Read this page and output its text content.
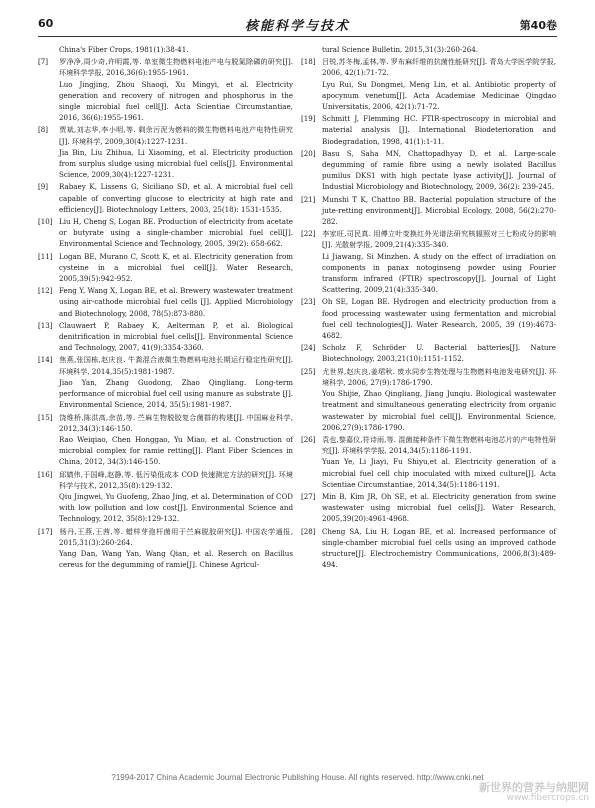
60	核能科学与技术	第40卷

China's Fiber Crops, 1981(1):38-41.

[7] 罗净净,周少奇,许明霞,等. 单室微生物燃料电池产电与脱氮除磷的研究[J]. 环境科学学报, 2016,36(6):1955-1961.
Luo Jingjing, Zhou Shaoqi, Xu Mingyi, et al. Electricity generation and recovery of nitrogen and phosphorus in the single microbial fuel cell[J]. Acta Scientiae Circumstantiae, 2016, 36(6):1955-1961.

[8] 贾斌,刘志华,李小明,等. 剩余污泥为燃料的微生物燃料电池产电特性研究[J]. 环境科学, 2009,30(4):1227-1231.
Jia Bin, Liu Zhihua, Li Xiaoming, et al. Electricity production from surplus sludge using microbial fuel cells[J]. Environmental Science, 2009,30(4):1227-1231.

[9] Rabaey K, Lissens G, Siciliano SD, et al. A microbial fuel cell capable of converting glucose to electricity at high rate and efficiency[J]. Biotechnology Letters, 2003, 25(18): 1531-1535.

[10] Liu H, Cheng S, Logan BE. Production of electricity from acetate or butyrate using a single-chamber microbial fuel cell[J]. Environmental Science and Technology, 2005, 39(2): 658-662.

[11] Logan BE, Murano C, Scott K, et al. Electricity generation from cysteine in a microbial fuel cell[J]. Water Research, 2005,39(5):942-952.

[12] Feng Y, Wang X, Logan BE, et al. Brewery wastewater treatment using air-cathode microbial fuel cells [J]. Applied Microbiology and Biotechnology, 2008, 78(5):873-880.

[13] Clauwaert P, Rabaey K, Aelterman P, et al. Biological denitrification in microbial fuel cells[J]. Environmental Science and Technology, 2007, 41(9):3354-3360.

[14] 焦燕,张国栋,赵庆良. 牛粪混合液微生物燃料电池长期运行稳定性研究[J]. 环境科学, 2014,35(5):1981-1987.
Jiao Yan, Zhang Guodong, Zhao Qingliang. Long-term performance of microbial fuel cell using manure as substrate [J]. Environmental Science, 2014, 35(5):1981-1987.

[15] 饶维桥,陈洪高,余苗,等. 苎麻生物脱胶复合菌群的构建[J]. 中国麻业科学, 2012,34(3):146-150.
Rao Weiqiao, Chen Honggao, Yu Miao, et al. Construction of microbial complex for ramie retting[J]. Plant Fiber Sciences in China, 2012, 34(3):146-150.

[16] 邱婧伟,于国峰,赵静,等. 低污染低成本 COD 快速测定方法的研究[J]. 环境科学与技术, 2012,35(8):129-132.
Qiu Jingwei, Yu Guofeng, Zhao Jing, et al. Determination of COD with low pollution and low cost[J]. Environmental Science and Technology, 2012, 35(8):129-132.

[17] 杨丹,王燕,王茜,等. 蜡样芽孢杆菌用于苎麻脱胶研究[J]. 中国农学通报, 2015,31(3):260-264.
Yang Dan, Wang Yan, Wang Qian, et al. Reserch on Bacillus cereus for the degumming of ramie[J]. Chinese Agricul-

tural Science Bulletin, 2015,31(3):260-264.

[18] 吕锐,苏冬梅,孟林,等. 罗布麻纤维的抗菌性能研究[J]. 青岛大学医学院学报, 2006, 42(1):71-72.
Lyu Rui, Su Dongmei, Meng Lin, et al. Antibiotic property of apocynum venetum[J]. Acta Academiae Medicinae Qingdao Universitatis, 2006, 42(1):71-72.

[19] Schmitt J, Flemming HC. FTIR-spectroscopy in microbial and material analysis [J]. International Biodeterioration and Biodegradation, 1998, 41(1):1-11.

[20] Basu S, Saha MN, Chattopadhyay D, et al. Large-scale degumming of ramie fibre using a newly isolated Bacillus pumilus DKS1 with high pectate lyase activity[J]. Journal of Industial Microbiology and Biotechnology, 2009, 36(2): 239-245.

[21] Munshi T K, Chattoo BB. Bacterial population structure of the jute-retting environment[J]. Microbial Ecology, 2008, 56(2):270-282.

[22] 李家旺,司民真. 用傅立叶变换红外光谱法研究核辐照对三七粉成分的影响[J]. 光散射学报, 2009,21(4):335-340.
Li Jiawang, Si Minzhen. A study on the effect of irradiation on components in panax notoginseng powder using Fourier transform infrared (FTIR) spectroscopy[J]. Journal of Light Scattering, 2009,21(4):335-340.

[23] Oh SE, Logan BE. Hydrogen and electricity production from a food processing wastewater using fermentation and microbial fuel cell technologies[J]. Water Research, 2005, 39 (19):4673-4682.

[24] Scholz F, Schröder U. Bacterial batteries[J]. Nature Biotechnology, 2003,21(10):1151-1152.

[25] 尤世界,赵庆良,姜珺秋. 废水同步生物处理与生物燃料电池发电研究[J]. 环境科学, 2006, 27(9):1786-1790.
You Shijie, Zhao Qingliang, Jiang Junqiu. Biological wastewater treatment and simultaneous generating electricity from organic wastewater by microbial fuel cell[J]. Environmental Science, 2006,27(9):1786-1790.

[26] 袁也,黎嘉仪,符诗雨,等. 混菌接种条件下微生物燃料电池芯片的产电特性研究[J]. 环境科学学报, 2014,34(5):1186-1191.
Yuan Ye, Li Jiayi, Fu Shiyu,et al. Electricity generation of a microbial fuel cell chip inoculated with mixed culture[J]. Acta Scientiae Circumstantiae, 2014,34(5):1186-1191.

[27] Min B, Kim JR, Oh SE, et al. Electricity generation from swine wastewater using microbial fuel cells[J]. Water Research, 2005,39(20):4961-4968.

[28] Cheng SA, Liu H, Logan BE, et al. Increased performance of single-chamber microbial fuel cells using an improved cathode structure[J]. Electrochemistry Communications, 2006,8(3):489-494.

?1994-2017 China Academic Journal Electronic Publishing House. All rights reserved. http://www.cnki.net
新世界的营养与纳肥网
www.fibercrops.cn
